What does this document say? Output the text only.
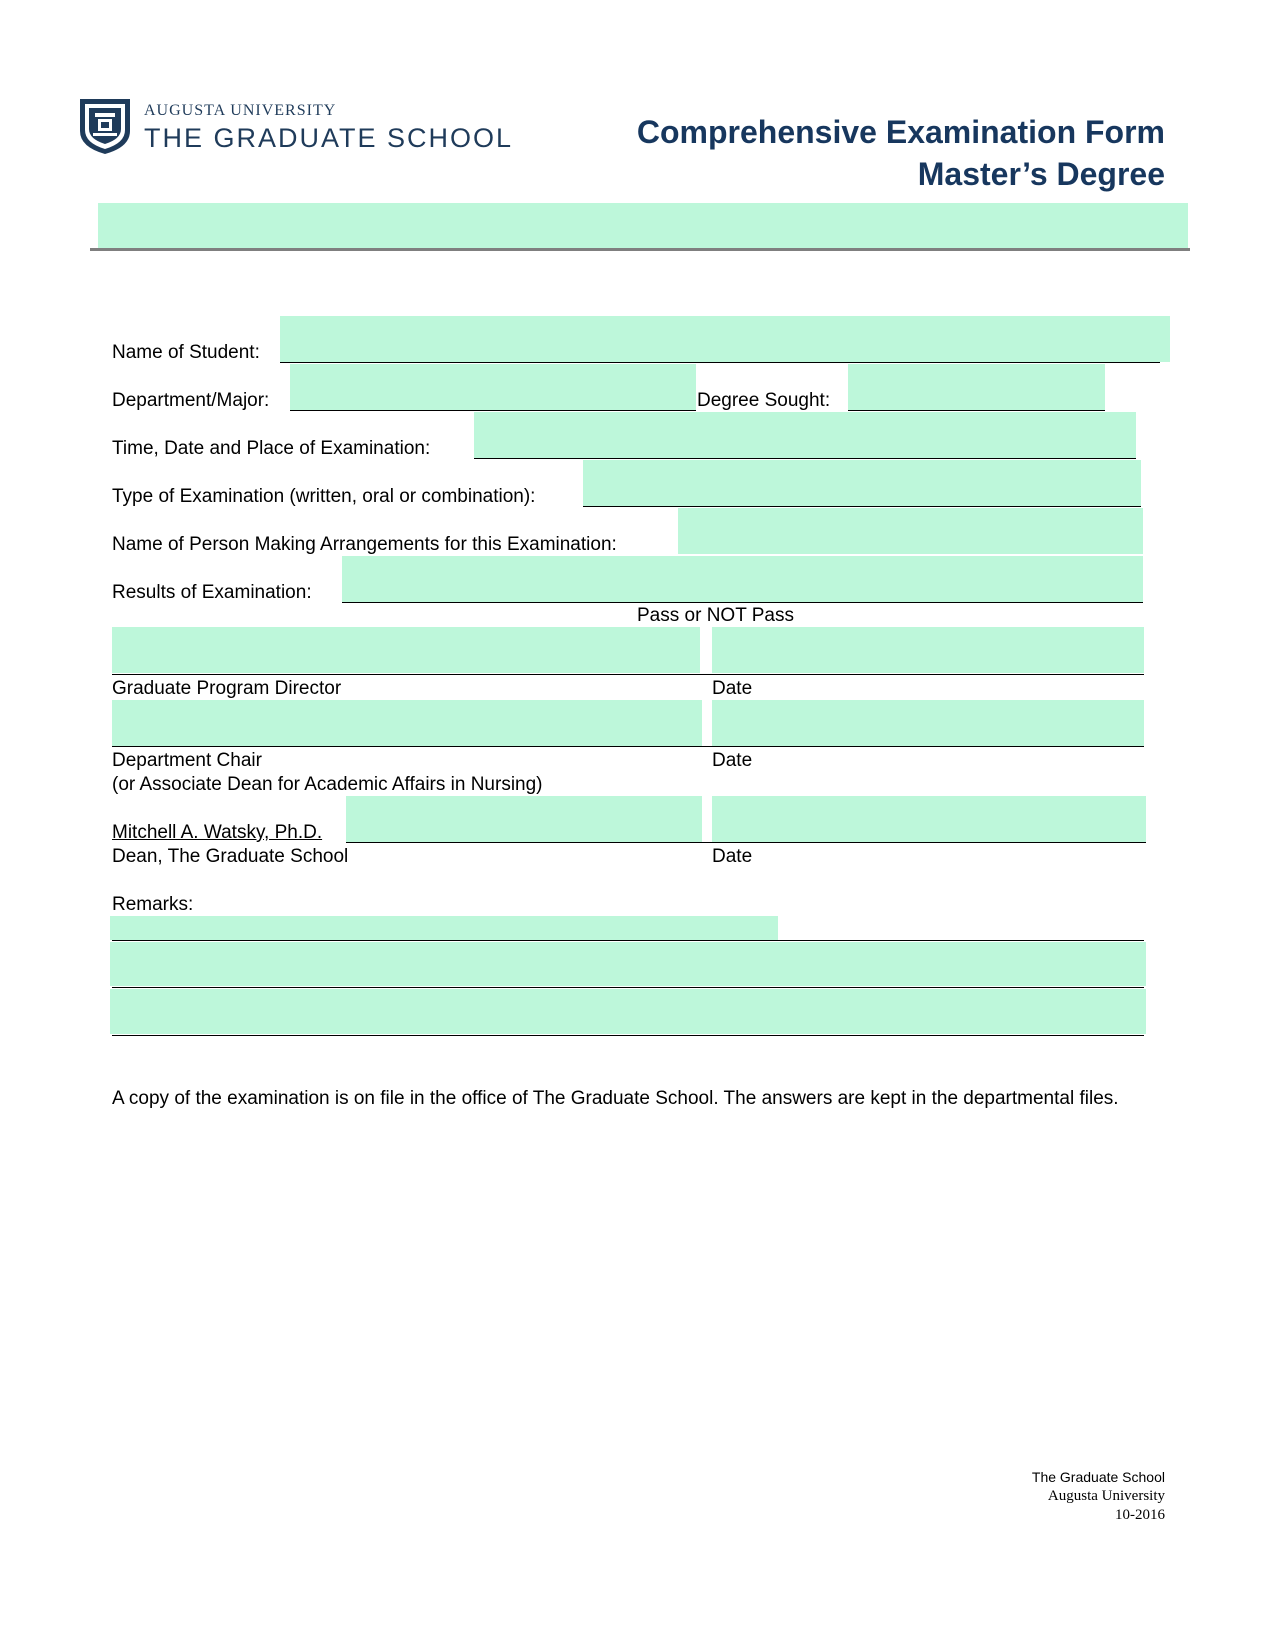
AUGUSTA UNIVERSITY
THE GRADUATE SCHOOL	Comprehensive Examination Form
Master’s Degree
Name of Student:
Department/Major:	Degree Sought:
Time, Date and Place of Examination:
Type of Examination (written, oral or combination):
Name of Person Making Arrangements for this Examination:
Results of Examination:
Pass or NOT Pass
Graduate Program Director	Date
Department Chair	Date
(or Associate Dean for Academic Affairs in Nursing)
Mitchell A. Watsky, Ph.D.
Dean, The Graduate School	Date
Remarks:
A copy of the examination is on file in the office of The Graduate School. The answers are kept in the departmental files.
The Graduate School
Augusta University
10-2016
